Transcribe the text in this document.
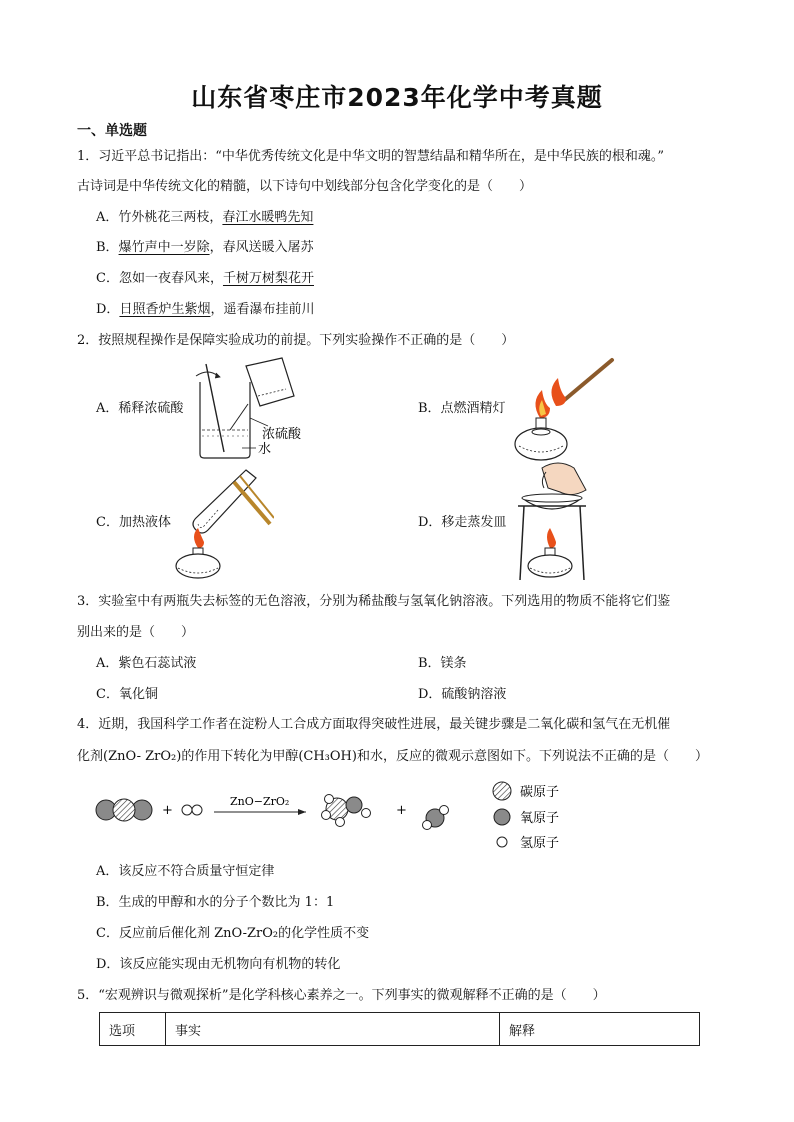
山东省枣庄市2023年化学中考真题
一、单选题
1．习近平总书记指出：“中华优秀传统文化是中华文明的智慧结晶和精华所在，是中华民族的根和魂。”
古诗词是中华传统文化的精髓，以下诗句中划线部分包含化学变化的是（　　）
A．竹外桃花三两枝，春江水暖鸭先知
B．爆竹声中一岁除，春风送暖入屠苏
C．忽如一夜春风来，千树万树梨花开
D．日照香炉生紫烟，遥看瀑布挂前川
2．按照规程操作是保障实验成功的前提。下列实验操作不正确的是（　　）
A．稀释浓硫酸
浓硫酸
水
B．点燃酒精灯
C．加热液体	D．移走蒸发皿
3．实验室中有两瓶失去标签的无色溶液，分别为稀盐酸与氢氧化钠溶液。下列选用的物质不能将它们鉴
别出来的是（　　）
A．紫色石蕊试液	B．镁条
C．氧化铜	D．硫酸钠溶液
4．近期，我国科学工作者在淀粉人工合成方面取得突破性进展，最关键步骤是二氧化碳和氢气在无机催
化剂(ZnO- ZrO₂)的作用下转化为甲醇(CH₃OH)和水，反应的微观示意图如下。下列说法不正确的是（　　）
+
ZnO−ZrO₂
+
碳原子
氧原子
氢原子
A．该反应不符合质量守恒定律
B．生成的甲醇和水的分子个数比为 1：1
C．反应前后催化剂 ZnO-ZrO₂的化学性质不变
D．该反应能实现由无机物向有机物的转化
5．“宏观辨识与微观探析”是化学科核心素养之一。下列事实的微观解释不正确的是（　　）
选项	事实	解释
